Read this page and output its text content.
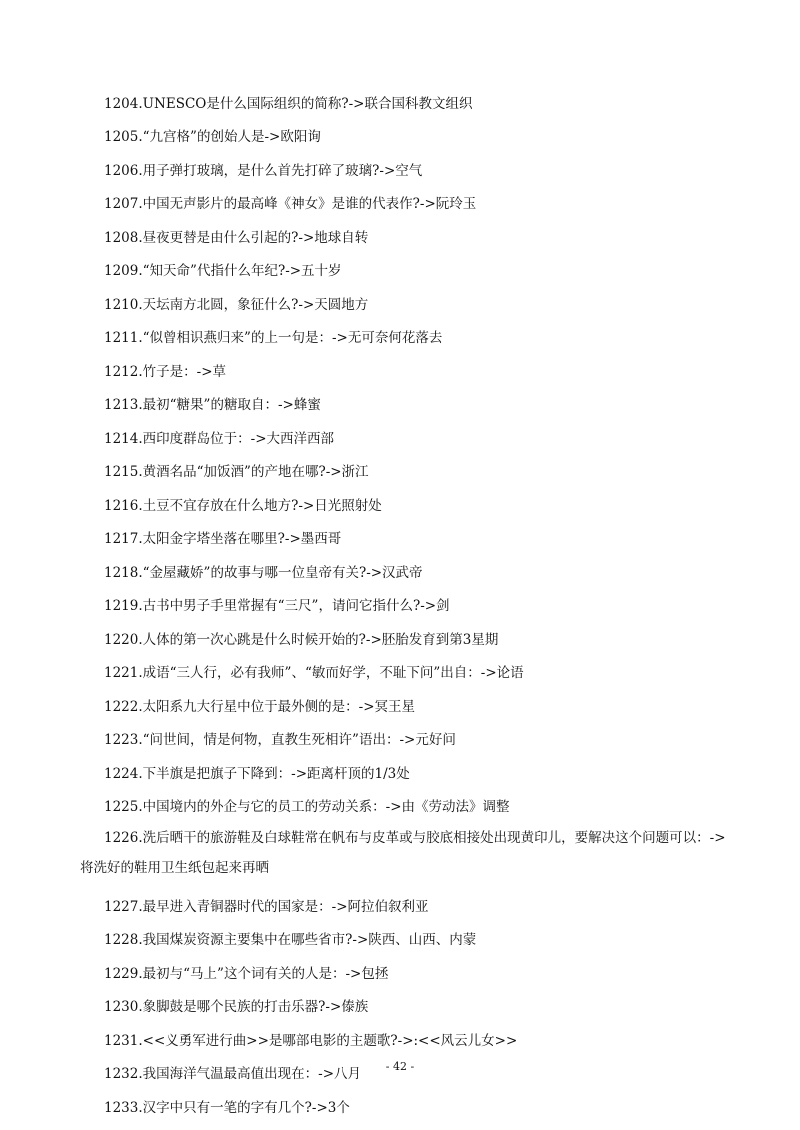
1204.UNESCO是什么国际组织的简称?->联合国科教文组织

1205.“九宫格”的创始人是->欧阳询

1206.用子弹打玻璃，是什么首先打碎了玻璃?->空气

1207.中国无声影片的最高峰《神女》是谁的代表作?->阮玲玉

1208.昼夜更替是由什么引起的?->地球自转

1209.“知天命”代指什么年纪?->五十岁

1210.天坛南方北圆，象征什么?->天圆地方

1211.“似曾相识燕归来”的上一句是：->无可奈何花落去

1212.竹子是：->草

1213.最初“糖果”的糖取自：->蜂蜜

1214.西印度群岛位于：->大西洋西部

1215.黄酒名品“加饭酒”的产地在哪?->浙江

1216.土豆不宜存放在什么地方?->日光照射处

1217.太阳金字塔坐落在哪里?->墨西哥

1218.“金屋藏娇”的故事与哪一位皇帝有关?->汉武帝

1219.古书中男子手里常握有“三尺”，请问它指什么?->剑

1220.人体的第一次心跳是什么时候开始的?->胚胎发育到第3星期

1221.成语“三人行，必有我师”、“敏而好学，不耻下问”出自：->论语

1222.太阳系九大行星中位于最外侧的是：->冥王星

1223.“问世间，情是何物，直教生死相许”语出：->元好问

1224.下半旗是把旗子下降到：->距离杆顶的1/3处

1225.中国境内的外企与它的员工的劳动关系：->由《劳动法》调整

1226.洗后晒干的旅游鞋及白球鞋常在帆布与皮革或与胶底相接处出现黄印儿，要解决这个问题可以：->将洗好的鞋用卫生纸包起来再晒

1227.最早进入青铜器时代的国家是：->阿拉伯叙利亚

1228.我国煤炭资源主要集中在哪些省市?->陕西、山西、内蒙

1229.最初与“马上”这个词有关的人是：->包拯

1230.象脚鼓是哪个民族的打击乐器?->傣族

1231.<<义勇军进行曲>>是哪部电影的主题歌?->:<<风云儿女>>

1232.我国海洋气温最高值出现在：->八月

1233.汉字中只有一笔的字有几个?->3个

- 42 -
